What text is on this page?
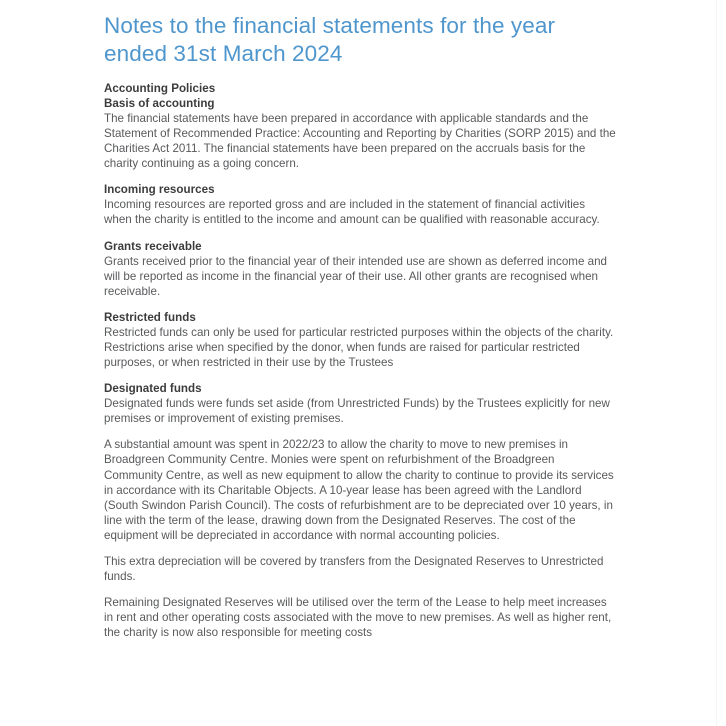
Notes to the financial statements for the year ended 31st March 2024

Accounting Policies

Basis of accounting

The financial statements have been prepared in accordance with applicable standards and the Statement of Recommended Practice: Accounting and Reporting by Charities (SORP 2015) and the Charities Act 2011. The financial statements have been prepared on the accruals basis for the charity continuing as a going concern.

Incoming resources

Incoming resources are reported gross and are included in the statement of financial activities when the charity is entitled to the income and amount can be qualified with reasonable accuracy.

Grants receivable

Grants received prior to the financial year of their intended use are shown as deferred income and will be reported as income in the financial year of their use. All other grants are recognised when receivable.

Restricted funds

Restricted funds can only be used for particular restricted purposes within the objects of the charity. Restrictions arise when specified by the donor, when funds are raised for particular restricted purposes, or when restricted in their use by the Trustees

Designated funds

Designated funds were funds set aside (from Unrestricted Funds) by the Trustees explicitly for new premises or improvement of existing premises.

A substantial amount was spent in 2022/23 to allow the charity to move to new premises in Broadgreen Community Centre. Monies were spent on refurbishment of the Broadgreen Community Centre, as well as new equipment to allow the charity to continue to provide its services in accordance with its Charitable Objects. A 10-year lease has been agreed with the Landlord (South Swindon Parish Council). The costs of refurbishment are to be depreciated over 10 years, in line with the term of the lease, drawing down from the Designated Reserves. The cost of the equipment will be depreciated in accordance with normal accounting policies.

This extra depreciation will be covered by transfers from the Designated Reserves to Unrestricted funds.

Remaining Designated Reserves will be utilised over the term of the Lease to help meet increases in rent and other operating costs associated with the move to new premises. As well as higher rent, the charity is now also responsible for meeting costs
